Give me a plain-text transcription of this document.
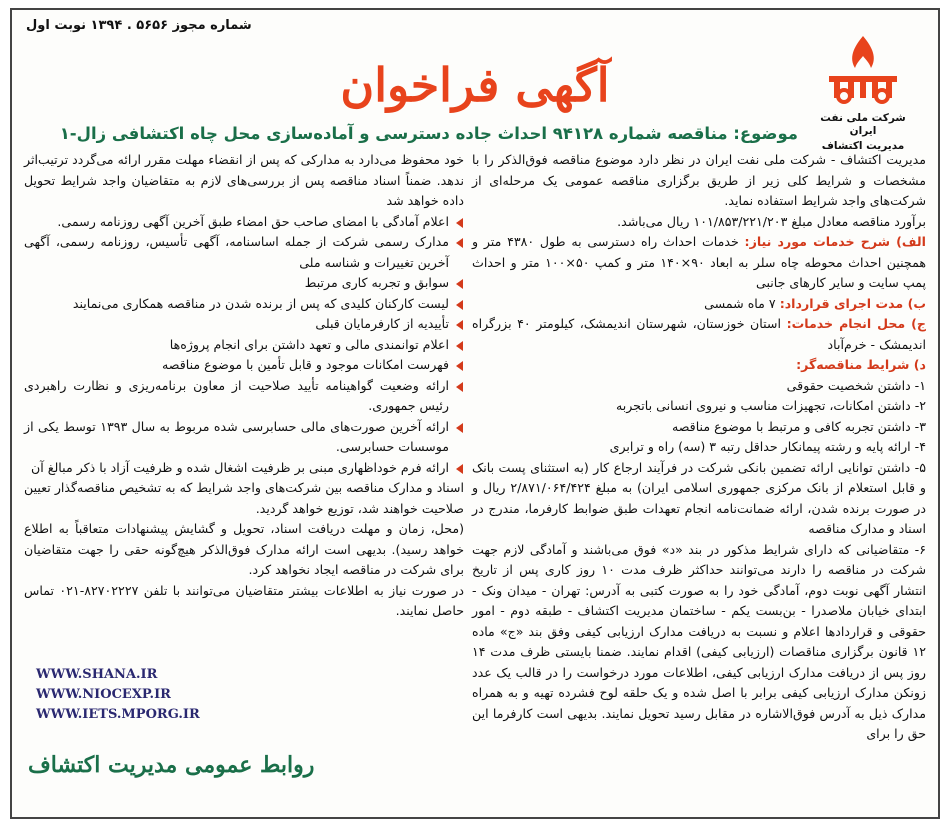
شماره مجوز ۵۶۵۶ . ۱۳۹۴ نوبت اول
شرکت ملی نفت ایران
مدیریت اکتشاف
آگهی فراخوان
موضوع: مناقصه شماره ۹۴۱۲۸ احداث جاده دسترسی و آماده‌سازی محل چاه اکتشافی زال-۱

مدیریت اکتشاف - شرکت ملی نفت ایران در نظر دارد موضوع مناقصه فوق‌الذکر را با مشخصات و شرایط کلی زیر از طریق برگزاری مناقصه عمومی یک مرحله‌ای از شرکت‌های واجد شرایط استفاده نماید.

برآورد مناقصه معادل مبلغ ۱۰۱/۸۵۳/۲۲۱/۲۰۳ ریال می‌باشد.

الف) شرح خدمات مورد نیاز: خدمات احداث راه دسترسی به طول ۴۳۸۰ متر و همچنین احداث محوطه چاه سلر به ابعاد ۹۰×۱۴۰ متر و کمپ ۵۰×۱۰۰ متر و احداث پمپ سایت و سایر کارهای جانبی

ب) مدت اجرای قرارداد: ۷ ماه شمسی

ج) محل انجام خدمات: استان خوزستان، شهرستان اندیمشک، کیلومتر ۴۰ بزرگراه اندیمشک - خرم‌آباد

د) شرایط مناقصه‌گر:

۱- داشتن شخصیت حقوقی

۲- داشتن امکانات، تجهیزات مناسب و نیروی انسانی باتجربه

۳- داشتن تجربه کافی و مرتبط با موضوع مناقصه

۴- ارائه پایه و رشته پیمانکار حداقل رتبه ۳ (سه) راه و ترابری

۵- داشتن توانایی ارائه تضمین بانکی شرکت در فرآیند ارجاع کار (به استثنای پست بانک و قابل استعلام از بانک مرکزی جمهوری اسلامی ایران) به مبلغ ۲/۸۷۱/۰۶۴/۴۲۴ ریال و در صورت برنده شدن، ارائه ضمانت‌نامه انجام تعهدات طبق ضوابط کارفرما، مندرج در اسناد و مدارک مناقصه

۶- متقاضیانی که دارای شرایط مذکور در بند «د» فوق می‌باشند و آمادگی لازم جهت شرکت در مناقصه را دارند می‌توانند حداکثر ظرف مدت ۱۰ روز کاری پس از تاریخ انتشار آگهی نوبت دوم، آمادگی خود را به صورت کتبی به آدرس: تهران - میدان ونک - ابتدای خیابان ملاصدرا - بن‌بست یکم - ساختمان مدیریت اکتشاف - طبقه دوم - امور حقوقی و قراردادها اعلام و نسبت به دریافت مدارک ارزیابی کیفی وفق بند «ج» ماده ۱۲ قانون برگزاری مناقصات (ارزیابی کیفی) اقدام نمایند. ضمنا بایستی ظرف مدت ۱۴ روز پس از دریافت مدارک ارزیابی کیفی، اطلاعات مورد درخواست را در قالب یک عدد زونکن مدارک ارزیابی کیفی برابر با اصل شده و یک حلقه لوح فشرده تهیه و به همراه مدارک ذیل به آدرس فوق‌الاشاره در مقابل رسید تحویل نمایند. بدیهی است کارفرما این حق را برای

خود محفوظ می‌دارد به مدارکی که پس از انقضاء مهلت مقرر ارائه می‌گردد ترتیب‌اثر ندهد. ضمناً اسناد مناقصه پس از بررسی‌های لازم به متقاضیان واجد شرایط تحویل داده خواهد شد

اعلام آمادگی با امضای صاحب حق امضاء طبق آخرین آگهی روزنامه رسمی.
مدارک رسمی شرکت از جمله اساسنامه، آگهی تأسیس، روزنامه رسمی، آگهی آخرین تغییرات و شناسه ملی
سوابق و تجربه کاری مرتبط
لیست کارکنان کلیدی که پس از برنده شدن در مناقصه همکاری می‌نمایند
تأییدیه از کارفرمایان قبلی
اعلام توانمندی مالی و تعهد داشتن برای انجام پروژه‌ها
فهرست امکانات موجود و قابل تأمین با موضوع مناقصه
ارائه وضعیت گواهینامه تأیید صلاحیت از معاون برنامه‌ریزی و نظارت راهبردی رئیس جمهوری.
ارائه آخرین صورت‌های مالی حسابرسی شده مربوط به سال ۱۳۹۳ توسط یکی از موسسات حسابرسی.
ارائه فرم خوداظهاری مبنی بر ظرفیت اشغال شده و ظرفیت آزاد با ذکر مبالغ آن

اسناد و مدارک مناقصه بین شرکت‌های واجد شرایط که به تشخیص مناقصه‌گذار تعیین صلاحیت خواهند شد، توزیع خواهد گردید.

(محل، زمان و مهلت دریافت اسناد، تحویل و گشایش پیشنهادات متعاقباً به اطلاع خواهد رسید). بدیهی است ارائه مدارک فوق‌الذکر هیچ‌گونه حقی را جهت متقاضیان برای شرکت در مناقصه ایجاد نخواهد کرد.

در صورت نیاز به اطلاعات بیشتر متقاضیان می‌توانند با تلفن ۸۲۷۰۲۲۲۷-۰۲۱ تماس حاصل نمایند.

WWW.SHANA.IR
WWW.NIOCEXP.IR
WWW.IETS.MPORG.IR
روابط عمومی مدیریت اکتشاف
